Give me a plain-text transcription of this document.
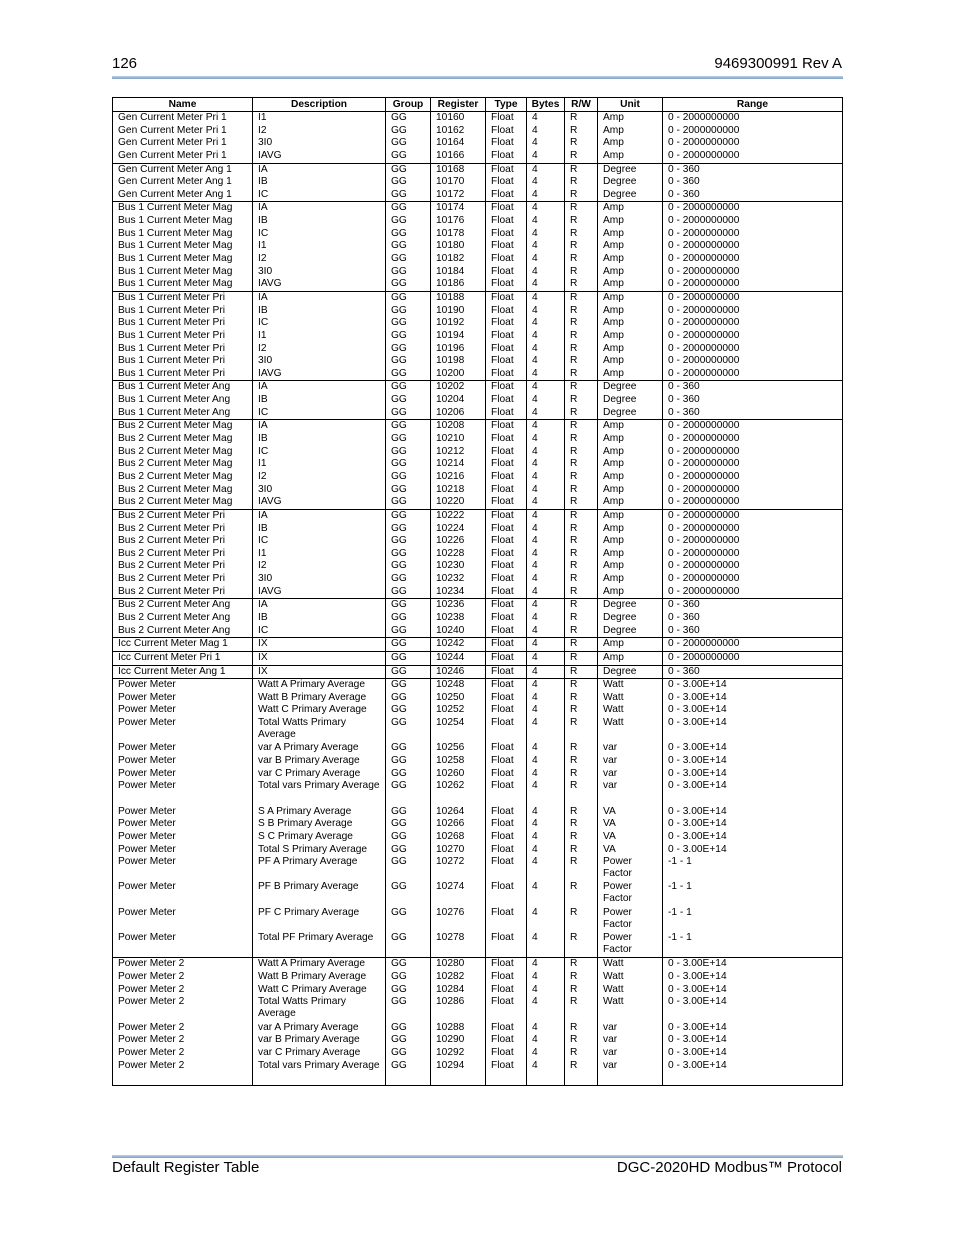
126	9469300991 Rev A
Name	Description	Group	Register	Type	Bytes	R/W	Unit	Range
Gen Current Meter Pri 1	I1	GG	10160	Float	4	R	Amp	0 - 2000000000
Gen Current Meter Pri 1	I2	GG	10162	Float	4	R	Amp	0 - 2000000000
Gen Current Meter Pri 1	3I0	GG	10164	Float	4	R	Amp	0 - 2000000000
Gen Current Meter Pri 1	IAVG	GG	10166	Float	4	R	Amp	0 - 2000000000
Gen Current Meter Ang 1	IA	GG	10168	Float	4	R	Degree	0 - 360
Gen Current Meter Ang 1	IB	GG	10170	Float	4	R	Degree	0 - 360
Gen Current Meter Ang 1	IC	GG	10172	Float	4	R	Degree	0 - 360
Bus 1 Current Meter Mag	IA	GG	10174	Float	4	R	Amp	0 - 2000000000
Bus 1 Current Meter Mag	IB	GG	10176	Float	4	R	Amp	0 - 2000000000
Bus 1 Current Meter Mag	IC	GG	10178	Float	4	R	Amp	0 - 2000000000
Bus 1 Current Meter Mag	I1	GG	10180	Float	4	R	Amp	0 - 2000000000
Bus 1 Current Meter Mag	I2	GG	10182	Float	4	R	Amp	0 - 2000000000
Bus 1 Current Meter Mag	3I0	GG	10184	Float	4	R	Amp	0 - 2000000000
Bus 1 Current Meter Mag	IAVG	GG	10186	Float	4	R	Amp	0 - 2000000000
Bus 1 Current Meter Pri	IA	GG	10188	Float	4	R	Amp	0 - 2000000000
Bus 1 Current Meter Pri	IB	GG	10190	Float	4	R	Amp	0 - 2000000000
Bus 1 Current Meter Pri	IC	GG	10192	Float	4	R	Amp	0 - 2000000000
Bus 1 Current Meter Pri	I1	GG	10194	Float	4	R	Amp	0 - 2000000000
Bus 1 Current Meter Pri	I2	GG	10196	Float	4	R	Amp	0 - 2000000000
Bus 1 Current Meter Pri	3I0	GG	10198	Float	4	R	Amp	0 - 2000000000
Bus 1 Current Meter Pri	IAVG	GG	10200	Float	4	R	Amp	0 - 2000000000
Bus 1 Current Meter Ang	IA	GG	10202	Float	4	R	Degree	0 - 360
Bus 1 Current Meter Ang	IB	GG	10204	Float	4	R	Degree	0 - 360
Bus 1 Current Meter Ang	IC	GG	10206	Float	4	R	Degree	0 - 360
Bus 2 Current Meter Mag	IA	GG	10208	Float	4	R	Amp	0 - 2000000000
Bus 2 Current Meter Mag	IB	GG	10210	Float	4	R	Amp	0 - 2000000000
Bus 2 Current Meter Mag	IC	GG	10212	Float	4	R	Amp	0 - 2000000000
Bus 2 Current Meter Mag	I1	GG	10214	Float	4	R	Amp	0 - 2000000000
Bus 2 Current Meter Mag	I2	GG	10216	Float	4	R	Amp	0 - 2000000000
Bus 2 Current Meter Mag	3I0	GG	10218	Float	4	R	Amp	0 - 2000000000
Bus 2 Current Meter Mag	IAVG	GG	10220	Float	4	R	Amp	0 - 2000000000
Bus 2 Current Meter Pri	IA	GG	10222	Float	4	R	Amp	0 - 2000000000
Bus 2 Current Meter Pri	IB	GG	10224	Float	4	R	Amp	0 - 2000000000
Bus 2 Current Meter Pri	IC	GG	10226	Float	4	R	Amp	0 - 2000000000
Bus 2 Current Meter Pri	I1	GG	10228	Float	4	R	Amp	0 - 2000000000
Bus 2 Current Meter Pri	I2	GG	10230	Float	4	R	Amp	0 - 2000000000
Bus 2 Current Meter Pri	3I0	GG	10232	Float	4	R	Amp	0 - 2000000000
Bus 2 Current Meter Pri	IAVG	GG	10234	Float	4	R	Amp	0 - 2000000000
Bus 2 Current Meter Ang	IA	GG	10236	Float	4	R	Degree	0 - 360
Bus 2 Current Meter Ang	IB	GG	10238	Float	4	R	Degree	0 - 360
Bus 2 Current Meter Ang	IC	GG	10240	Float	4	R	Degree	0 - 360
Icc Current Meter Mag 1	IX	GG	10242	Float	4	R	Amp	0 - 2000000000
Icc Current Meter Pri 1	IX	GG	10244	Float	4	R	Amp	0 - 2000000000
Icc Current Meter Ang 1	IX	GG	10246	Float	4	R	Degree	0 - 360
Power Meter	Watt A Primary Average	GG	10248	Float	4	R	Watt	0 - 3.00E+14
Power Meter	Watt B Primary Average	GG	10250	Float	4	R	Watt	0 - 3.00E+14
Power Meter	Watt C Primary Average	GG	10252	Float	4	R	Watt	0 - 3.00E+14
Power Meter	Total Watts Primary Average	GG	10254	Float	4	R	Watt	0 - 3.00E+14
Power Meter	var A Primary Average	GG	10256	Float	4	R	var	0 - 3.00E+14
Power Meter	var B Primary Average	GG	10258	Float	4	R	var	0 - 3.00E+14
Power Meter	var C Primary Average	GG	10260	Float	4	R	var	0 - 3.00E+14
Power Meter	Total vars Primary Average	GG	10262	Float	4	R	var	0 - 3.00E+14
Power Meter	S A Primary Average	GG	10264	Float	4	R	VA	0 - 3.00E+14
Power Meter	S B Primary Average	GG	10266	Float	4	R	VA	0 - 3.00E+14
Power Meter	S C Primary Average	GG	10268	Float	4	R	VA	0 - 3.00E+14
Power Meter	Total S Primary Average	GG	10270	Float	4	R	VA	0 - 3.00E+14
Power Meter	PF A Primary Average	GG	10272	Float	4	R	Power Factor	-1 - 1
Power Meter	PF B Primary Average	GG	10274	Float	4	R	Power Factor	-1 - 1
Power Meter	PF C Primary Average	GG	10276	Float	4	R	Power Factor	-1 - 1
Power Meter	Total PF Primary Average	GG	10278	Float	4	R	Power Factor	-1 - 1
Power Meter 2	Watt A Primary Average	GG	10280	Float	4	R	Watt	0 - 3.00E+14
Power Meter 2	Watt B Primary Average	GG	10282	Float	4	R	Watt	0 - 3.00E+14
Power Meter 2	Watt C Primary Average	GG	10284	Float	4	R	Watt	0 - 3.00E+14
Power Meter 2	Total Watts Primary Average	GG	10286	Float	4	R	Watt	0 - 3.00E+14
Power Meter 2	var A Primary Average	GG	10288	Float	4	R	var	0 - 3.00E+14
Power Meter 2	var B Primary Average	GG	10290	Float	4	R	var	0 - 3.00E+14
Power Meter 2	var C Primary Average	GG	10292	Float	4	R	var	0 - 3.00E+14
Power Meter 2	Total vars Primary Average	GG	10294	Float	4	R	var	0 - 3.00E+14
Default Register Table	DGC-2020HD Modbus™ Protocol
